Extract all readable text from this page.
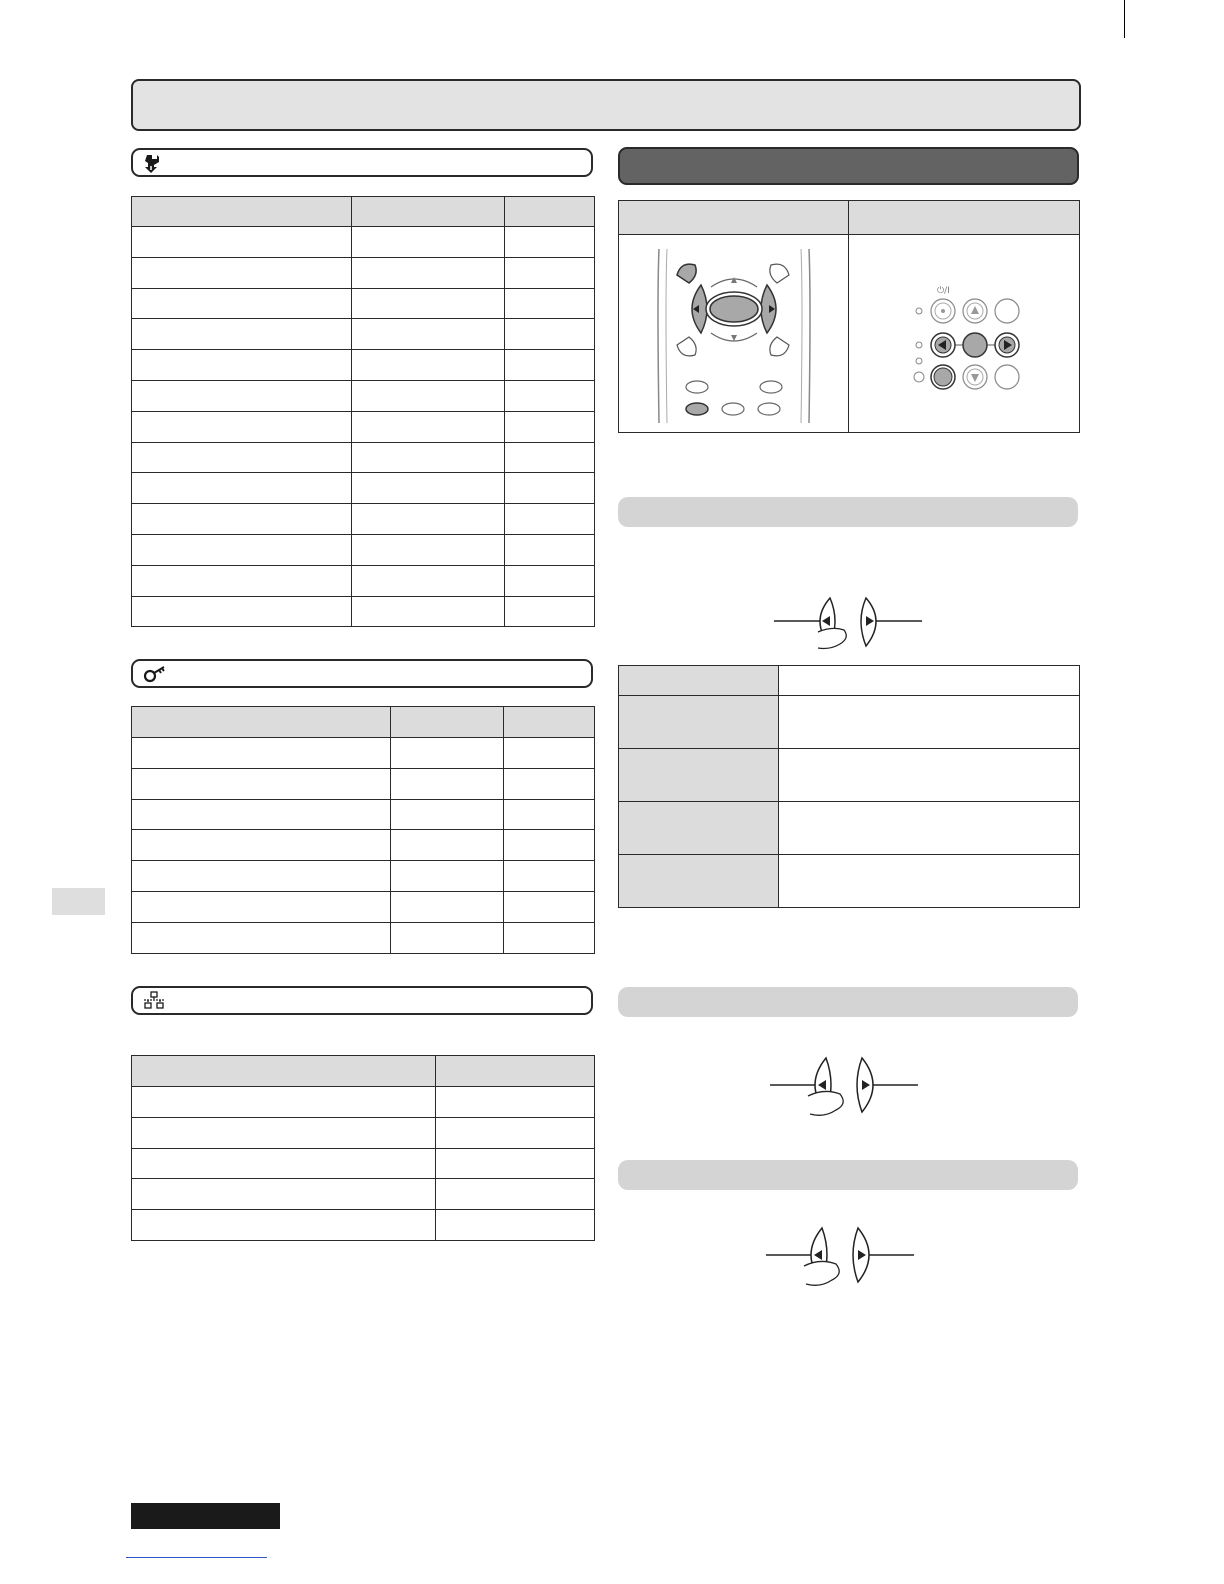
⏻/I
